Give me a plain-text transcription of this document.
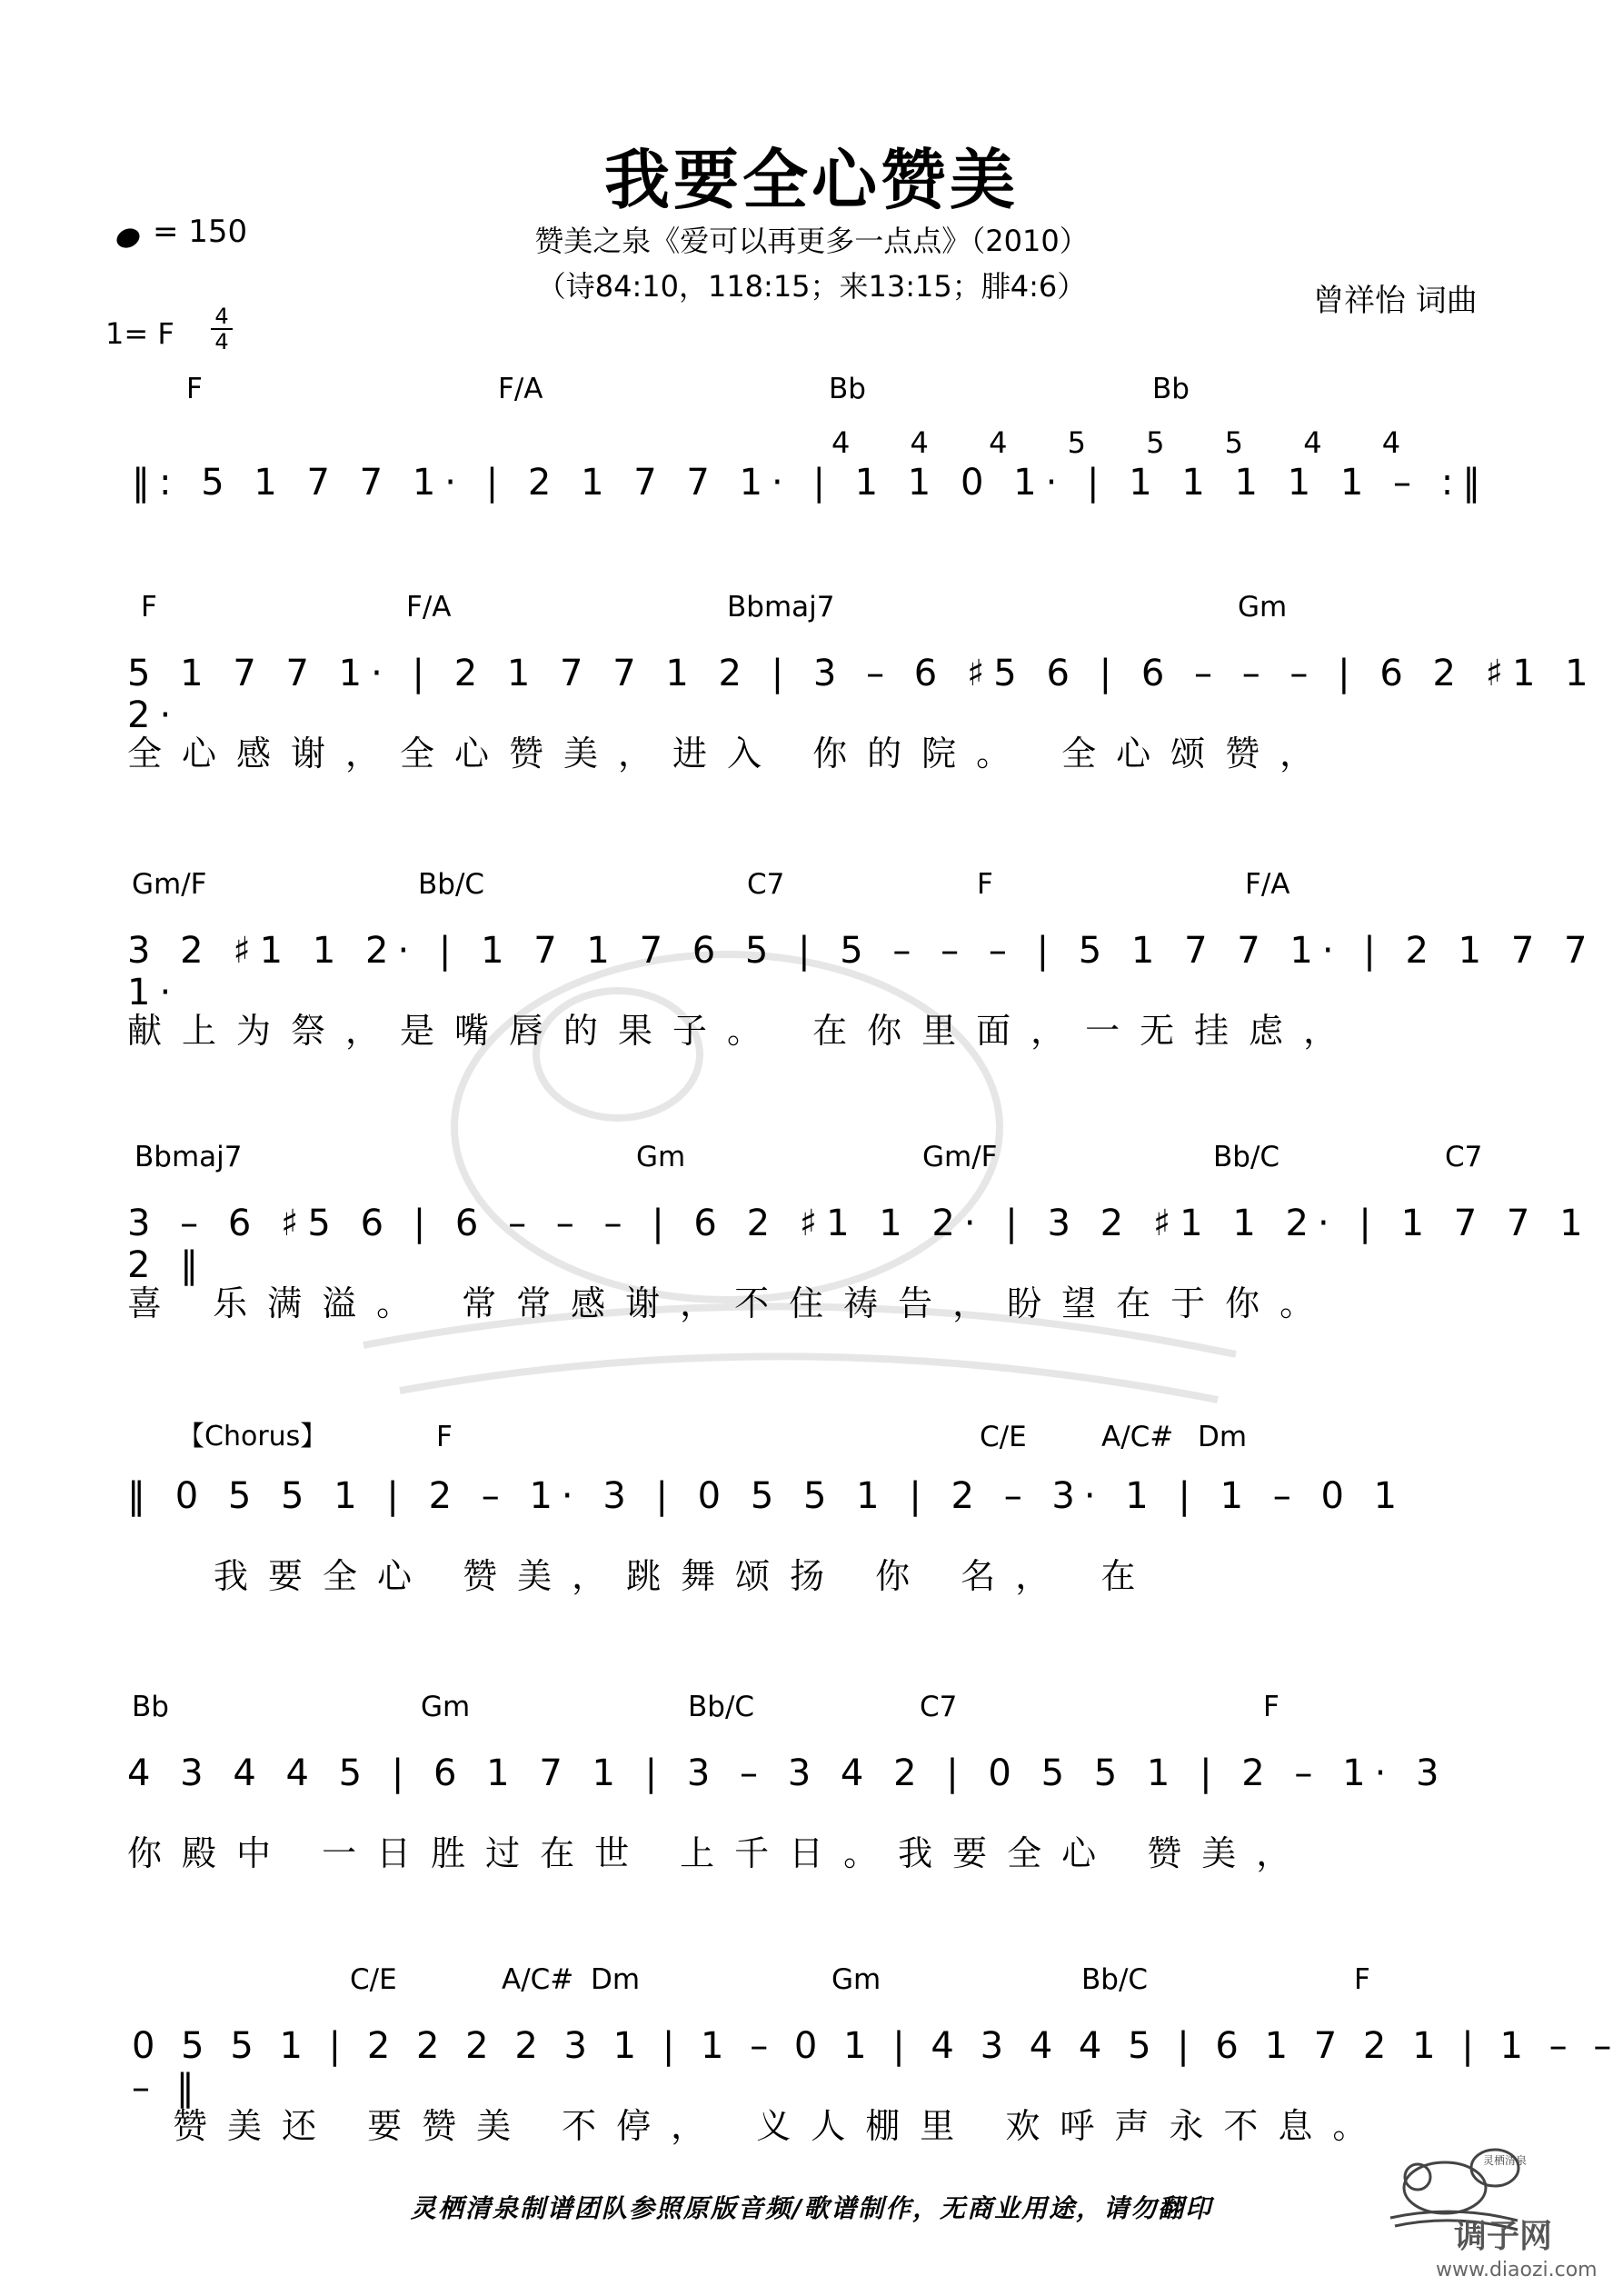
我要全心赞美
= 150	赞美之泉《爱可以再更多一点点》（2010）
（诗84:10，118:15；来13:15；腓4:6）	曾祥怡 词曲
1= F 4
4
F	F/A	Bb	Bb
4 4 4 5 5 5 4 4
‖: 5 1 7 7 1· | 2 1 7 7 1· | 1 1 0 1· | 1 1 1 1 1 – :‖
F	F/A	Bbmaj7	Gm
5 1 7 7 1· | 2 1 7 7 1 2 | 3 – 6 ♯5 6 | 6 – – – | 6 2 ♯1 1 2·
全心感谢，全心赞美，进入 你的院。 全心颂赞，
Gm/F	Bb/C	C7	F	F/A
3 2 ♯1 1 2· | 1 7 1 7 6 5 | 5 – – – | 5 1 7 7 1· | 2 1 7 7 1·
献上为祭，是嘴唇的果子。 在你里面，一无挂虑，
Bbmaj7	Gm	Gm/F	Bb/C	C7
3 – 6 ♯5 6 | 6 – – – | 6 2 ♯1 1 2· | 3 2 ♯1 1 2· | 1 7 7 1 2 ‖
喜 乐满溢。 常常感谢，不住祷告，盼望在于你。
【Chorus】	F	C/E	A/C# Dm
‖ 0 5 5 1 | 2 – 1· 3 | 0 5 5 1 | 2 – 3· 1 | 1 – 0 1
我要全心 赞美，跳舞颂扬 你 名， 在
Bb	Gm	Bb/C	C7	F
4 3 4 4 5 | 6 1 7 1 | 3 – 3 4 2 | 0 5 5 1 | 2 – 1· 3
你殿中 一日胜过在世 上千日。我要全心 赞美，
C/E	A/C# Dm	Gm	Bb/C	F
0 5 5 1 | 2 2 2 2 3 1 | 1 – 0 1 | 4 3 4 4 5 | 6 1 7 2 1 | 1 – – – ‖
赞美还 要赞美 不停， 义人棚里 欢呼声永不息。
灵栖清泉制谱团队参照原版音频/歌谱制作，无商业用途，请勿翻印
灵栖清泉
调子网
www.diaozi.com
